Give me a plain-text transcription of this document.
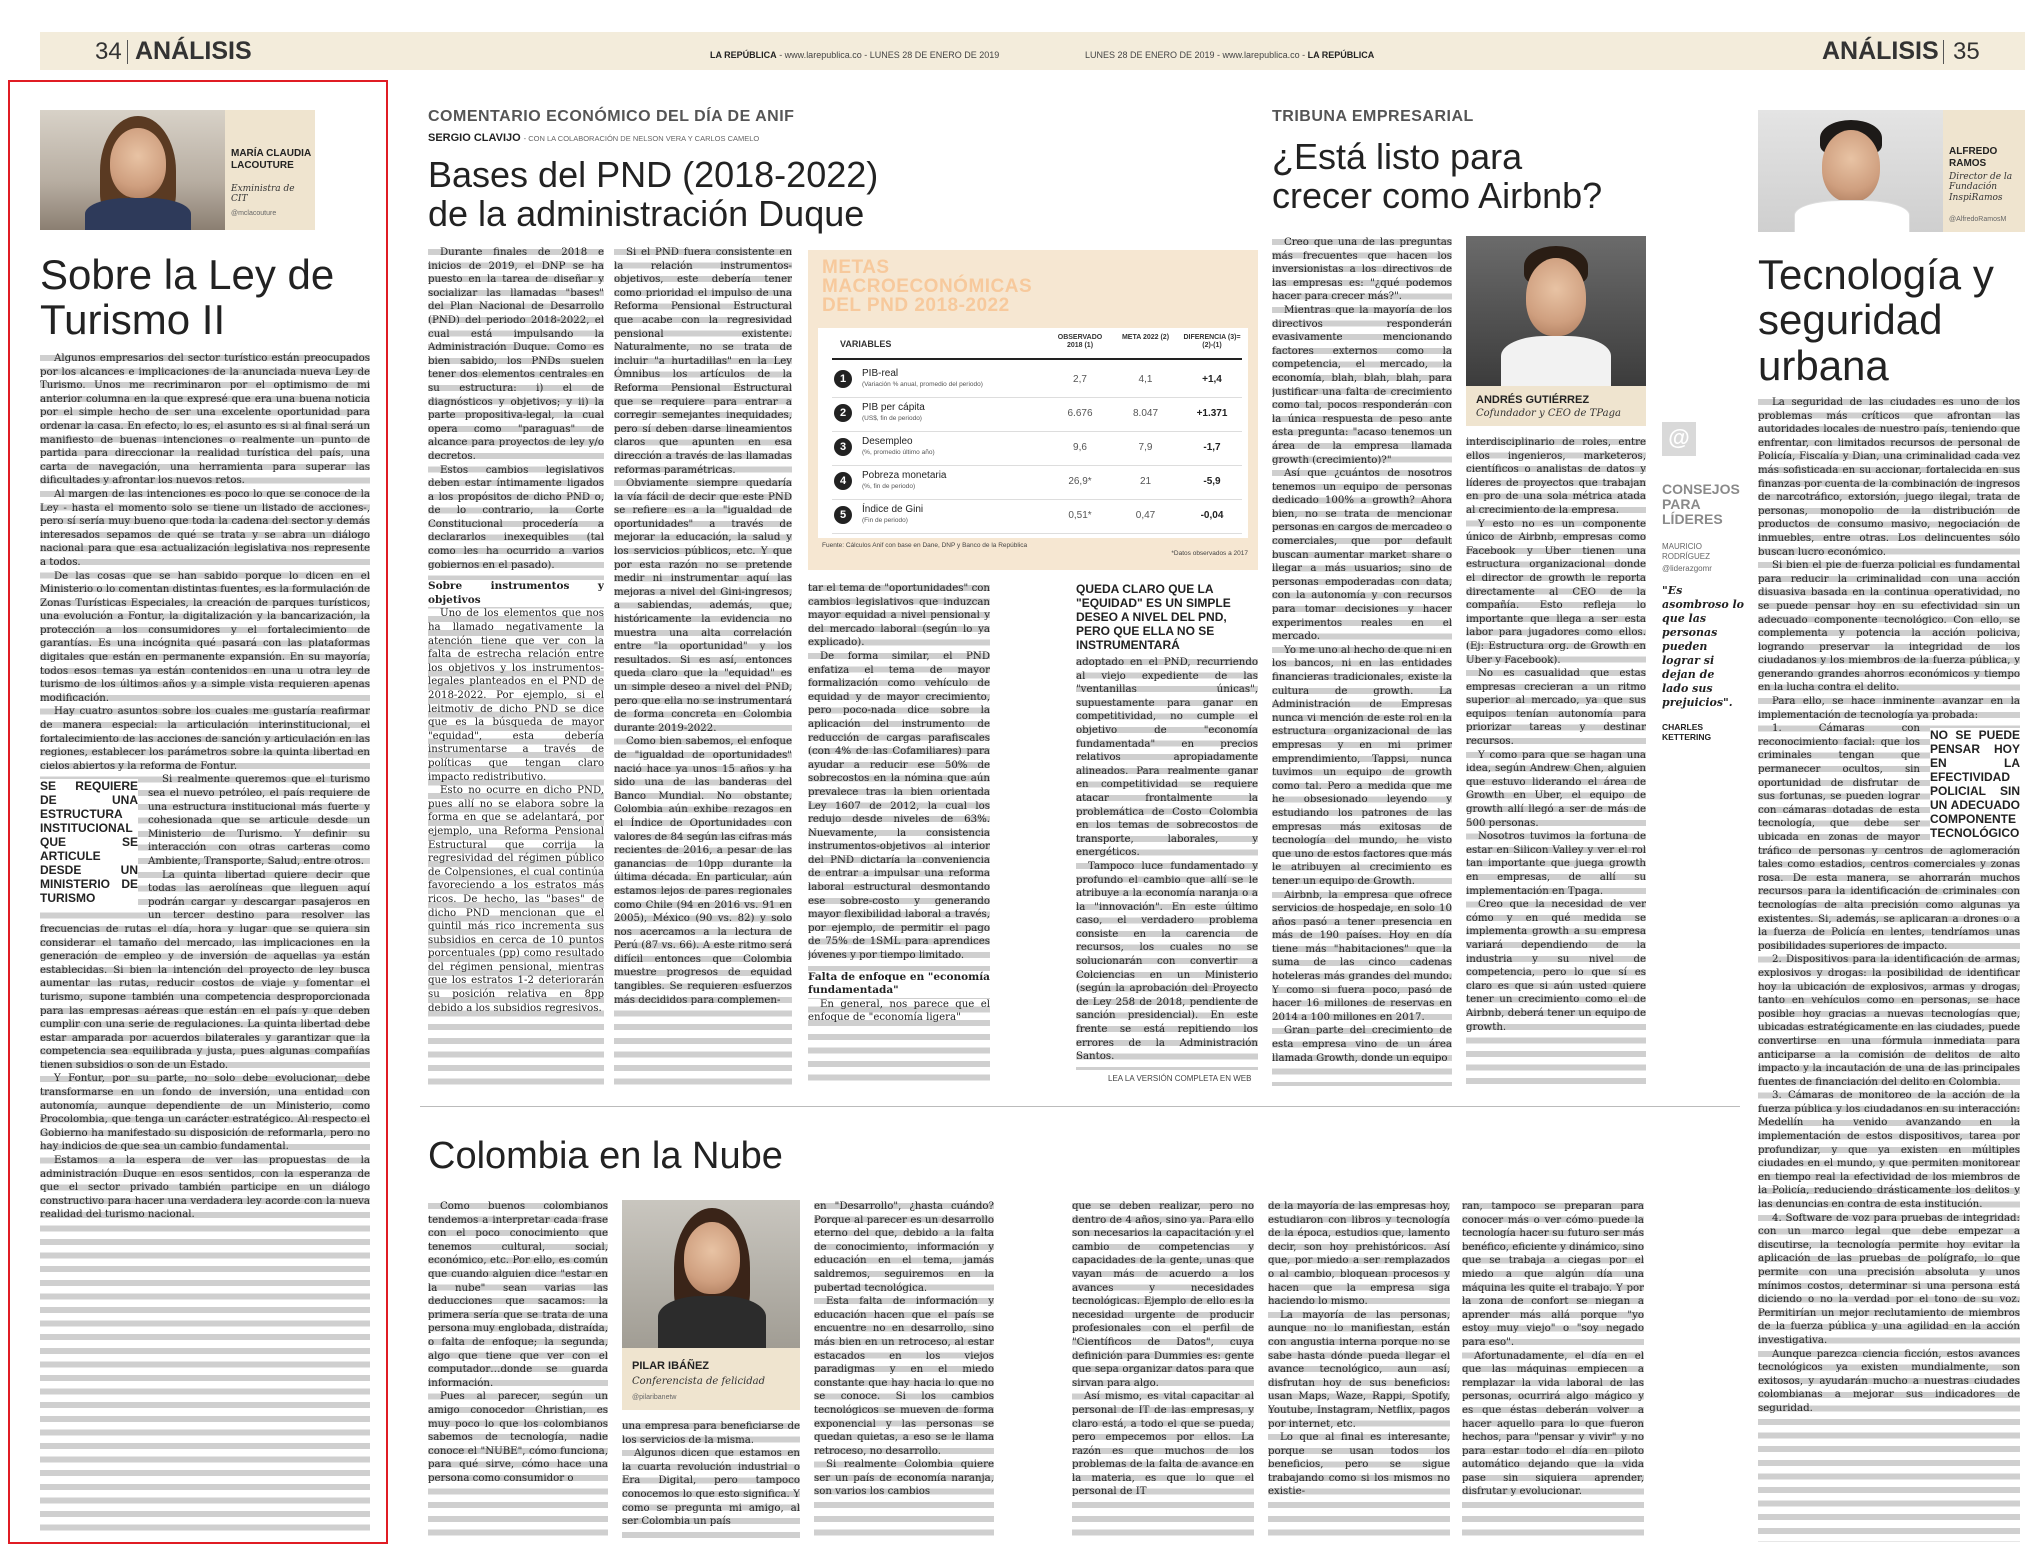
34 ANÁLISIS	LA REPÚBLICA - www.larepublica.co - LUNES 28 DE ENERO DE 2019	LUNES 28 DE ENERO DE 2019 - www.larepublica.co - LA REPÚBLICA	ANÁLISIS 35
MARÍA CLAUDIA LACOUTURE
Exministra de CIT
@mclacouture
Sobre la Ley de Turismo II

Algunos empresarios del sector turístico están preocupados por los alcances e implicaciones de la anunciada nueva Ley de Turismo. Unos me recriminaron por el optimismo de mi anterior columna en la que expresé que era una buena noticia por el simple hecho de ser una excelente oportunidad para ordenar la casa. En efecto, lo es, el asunto es si al final será un manifiesto de buenas intenciones o realmente un punto de partida para direccionar la realidad turística del país, una carta de navegación, una herramienta para superar las dificultades y afrontar los nuevos retos.

Al margen de las intenciones es poco lo que se conoce de la Ley - hasta el momento solo se tiene un listado de acciones-, pero sí sería muy bueno que toda la cadena del sector y demás interesados sepamos de qué se trata y se abra un diálogo nacional para que esa actualización legislativa nos represente a todos.

De las cosas que se han sabido porque lo dicen en el Ministerio o lo comentan distintas fuentes, es la formulación de Zonas Turísticas Especiales, la creación de parques turísticos, una evolución a Fontur, la digitalización y la bancarización, la protección a los consumidores y el fortalecimiento de garantías. Es una incógnita qué pasará con las plataformas digitales que están en permanente expansión. En su mayoría, todos esos temas ya están contenidos en una u otra ley de turismo de los últimos años y a simple vista requieren apenas modificación.

Hay cuatro asuntos sobre los cuales me gustaría reafirmar de manera especial: la articulación interinstitucional, el fortalecimiento de las acciones de sanción y articulación en las regiones, establecer los parámetros sobre la quinta libertad en cielos abiertos y la reforma de Fontur.

SE REQUIERE DE UNA ESTRUCTURA INSTITUCIONAL QUE SE ARTICULE DESDE UN MINISTERIO DE TURISMO

Si realmente queremos que el turismo sea el nuevo petróleo, el país requiere de una estructura institucional más fuerte y cohesionada que se articule desde un Ministerio de Turismo. Y definir su interacción con otras carteras como Ambiente, Transporte, Salud, entre otros.

La quinta libertad quiere decir que todas las aerolíneas que lleguen aquí podrán cargar y descargar pasajeros en un tercer destino para resolver las frecuencias de rutas el día, hora y lugar que se quiera sin considerar el tamaño del mercado, las implicaciones en la generación de empleo y de inversión de aquellas ya están establecidas. Si bien la intención del proyecto de ley busca aumentar las rutas, reducir costos de viaje y fomentar el turismo, supone también una competencia desproporcionada para las empresas aéreas que están en el país y que deben cumplir con una serie de regulaciones. La quinta libertad debe estar amparada por acuerdos bilaterales y garantizar que la competencia sea equilibrada y justa, pues algunas compañías tienen subsidios o son de un Estado.

Y Fontur, por su parte, no solo debe evolucionar, debe transformarse en un fondo de inversión, una entidad con autonomía, aunque dependiente de un Ministerio, como Procolombia, que tenga un carácter estratégico. Al respecto el Gobierno ha manifestado su disposición de reformarla, pero no hay indicios de que sea un cambio fundamental.

Estamos a la espera de ver las propuestas de la administración Duque en esos sentidos, con la esperanza de que el sector privado también participe en un diálogo constructivo para hacer una verdadera ley acorde con la nueva realidad del turismo nacional.

COMENTARIO ECONÓMICO DEL DÍA DE ANIF
SERGIO CLAVIJO - CON LA COLABORACIÓN DE NELSON VERA Y CARLOS CAMELO
Bases del PND (2018-2022) de la administración Duque

Durante finales de 2018 e inicios de 2019, el DNP se ha puesto en la tarea de diseñar y socializar las llamadas "bases" del Plan Nacional de Desarrollo (PND) del periodo 2018-2022, el cual está impulsando la Administración Duque. Como es bien sabido, los PNDs suelen tener dos elementos centrales en su estructura: i) el de diagnósticos y objetivos; y ii) la parte propositiva-legal, la cual opera como "paraguas" de alcance para proyectos de ley y/o decretos.

Estos cambios legislativos deben estar íntimamente ligados a los propósitos de dicho PND o, de lo contrario, la Corte Constitucional procedería a declararlos inexequibles (tal como les ha ocurrido a varios gobiernos en el pasado).

Sobre instrumentos y objetivos

Uno de los elementos que nos ha llamado negativamente la atención tiene que ver con la falta de estrecha relación entre los objetivos y los instrumentos-legales planteados en el PND de 2018-2022. Por ejemplo, si el leitmotiv de dicho PND se dice que es la búsqueda de mayor "equidad", esta debería instrumentarse a través de políticas que tengan claro impacto redistributivo.

Esto no ocurre en dicho PND, pues allí no se elabora sobre la forma en que se adelantará, por ejemplo, una Reforma Pensional Estructural que corrija la regresividad del régimen público de Colpensiones, el cual continúa favoreciendo a los estratos más ricos. De hecho, las "bases" de dicho PND mencionan que el quintil más rico incrementa sus subsidios en cerca de 10 puntos porcentuales (pp) como resultado del régimen pensional, mientras que los estratos 1-2 deteriorarán su posición relativa en 8pp debido a los subsidios regresivos.

Si el PND fuera consistente en la relación instrumentos-objetivos, este debería tener como prioridad el impulso de una Reforma Pensional Estructural que acabe con la regresividad pensional existente. Naturalmente, no se trata de incluir "a hurtadillas" en la Ley Ómnibus los artículos de la Reforma Pensional Estructural que se requiere para entrar a corregir semejantes inequidades, pero sí deben darse lineamientos claros que apunten en esa dirección a través de las llamadas reformas paramétricas.

Obviamente siempre quedaría la vía fácil de decir que este PND se refiere es a la "igualdad de oportunidades" a través de mejorar la educación, la salud y los servicios públicos, etc. Y que por esta razón no se pretende medir ni instrumentar aquí las mejoras a nivel del Gini-ingresos, a sabiendas, además, que, históricamente la evidencia no muestra una alta correlación entre "la oportunidad" y los resultados. Si es así, entonces queda claro que la "equidad" es un simple deseo a nivel del PND, pero que ella no se instrumentará de forma concreta en Colombia durante 2019-2022.

Como bien sabemos, el enfoque de "igualdad de oportunidades" nació hace ya unos 15 años y ha sido una de las banderas del Banco Mundial. No obstante, Colombia aún exhibe rezagos en el Índice de Oportunidades con valores de 84 según las cifras más recientes de 2016, a pesar de las ganancias de 10pp durante la última década. En particular, aún estamos lejos de pares regionales como Chile (94 en 2016 vs. 91 en 2005), México (90 vs. 82) y solo nos acercamos a la lectura de Perú (87 vs. 66). A este ritmo será difícil entonces que Colombia muestre progresos de equidad tangibles. Se requieren esfuerzos más decididos para complemen-

METAS MACROECONÓMICAS DEL PND 2018-2022
VARIABLES
OBSERVADO 2018 (1)
META 2022 (2)	DIFERENCIA (3)=(2)-(1)
1	PIB-real
(Variación % anual, promedio del periodo)	2,7	4,1	+1,4
2	PIB per cápita
(US$, fin de periodo)	6.676	8.047	+1.371
3	Desempleo
(%, promedio último año)	9,6	7,9	-1,7
4	Pobreza monetaria
(%, fin de periodo)	26,9*	21	-5,9
5	Índice de Gini
(Fin de periodo)	0,51*	0,47	-0,04
Fuente: Cálculos Anif con base en Dane, DNP y Banco de la República
*Datos observados a 2017

tar el tema de "oportunidades" con cambios legislativos que induzcan mayor equidad a nivel pensional y del mercado laboral (según lo ya explicado).

De forma similar, el PND enfatiza el tema de mayor formalización como vehículo de equidad y de mayor crecimiento, pero poco-nada dice sobre la aplicación del instrumento de reducción de cargas parafiscales (con 4% de las Cofamiliares) para ayudar a reducir ese 50% de sobrecostos en la nómina que aún prevalece tras la bien orientada Ley 1607 de 2012, la cual los redujo desde niveles de 63%. Nuevamente, la consistencia instrumentos-objetivos al interior del PND dictaría la conveniencia de entrar a impulsar una reforma laboral estructural desmontando ese sobre-costo y generando mayor flexibilidad laboral a través, por ejemplo, de permitir el pago de 75% de 1SML para aprendices jóvenes y por tiempo limitado.

Falta de enfoque en "economía fundamentada"

En general, nos parece que el enfoque de "economía ligera"

QUEDA CLARO QUE LA "EQUIDAD" ES UN SIMPLE DESEO A NIVEL DEL PND, PERO QUE ELLA NO SE INSTRUMENTARÁ

adoptado en el PND, recurriendo al viejo expediente de las "ventanillas únicas", supuestamente para ganar en competitividad, no cumple el objetivo de "economía fundamentada" en precios relativos apropiadamente alineados. Para realmente ganar en competitividad se requiere atacar frontalmente la problemática de Costo Colombia en los temas de sobrecostos de transporte, laborales, y energéticos.

Tampoco luce fundamentado y profundo el cambio que allí se le atribuye a la economía naranja o a la "innovación". En este último caso, el verdadero problema consiste en la carencia de recursos, los cuales no se solucionarán con convertir a Colciencias en un Ministerio (según la aprobación del Proyecto de Ley 258 de 2018, pendiente de sanción presidencial). En este frente se está repitiendo los errores de la Administración Santos.

LEA LA VERSIÓN COMPLETA EN WEB
TRIBUNA EMPRESARIAL
¿Está listo para crecer como Airbnb?

Creo que una de las preguntas más frecuentes que hacen los inversionistas a los directivos de las empresas es: "¿qué podemos hacer para crecer más?".

Mientras que la mayoría de los directivos responderán evasivamente mencionando factores externos como la competencia, el mercado, la economía, blah, blah, blah, para justificar una falta de crecimiento como tal, pocos responderán con la única respuesta de peso ante esta pregunta: "acaso tenemos un área de la empresa llamada growth (crecimiento)?"

Así que ¿cuántos de nosotros tenemos un equipo de personas dedicado 100% a growth? Ahora bien, no se trata de mencionar personas en cargos de mercadeo o comerciales, que por default buscan aumentar market share o llegar a más usuarios; sino de personas empoderadas con data, con la autonomía y con recursos para tomar decisiones y hacer experimentos reales en el mercado.

Yo me uno al hecho de que ni en los bancos, ni en las entidades financieras tradicionales, existe la cultura de growth. La Administración de Empresas nunca vi mención de este rol en la estructura organizacional de las empresas y en mi primer emprendimiento, Tappsi, nunca tuvimos un equipo de growth como tal. Pero a medida que me he obsesionado leyendo y estudiando los patrones de las empresas más exitosas de tecnología del mundo, he visto que uno de estos factores que más le atribuyen al crecimiento es tener un equipo de Growth.

Airbnb, la empresa que ofrece servicios de hospedaje, en solo 10 años pasó a tener presencia en más de 190 países. Hoy en día tiene más "habitaciones" que la suma de las cinco cadenas hoteleras más grandes del mundo. Y como si fuera poco, pasó de hacer 16 millones de reservas en 2014 a 100 millones en 2017.

Gran parte del crecimiento de esta empresa vino de un área llamada Growth, donde un equipo

ANDRÉS GUTIÉRREZ
Cofundador y CEO de TPaga

interdisciplinario de roles, entre ellos ingenieros, marketeros, científicos o analistas de datos y líderes de proyectos que trabajan en pro de una sola métrica atada al crecimiento de la empresa.

Y esto no es un componente único de Airbnb, empresas como Facebook y Uber tienen una estructura organizacional donde el director de growth le reporta directamente al CEO de la compañía. Esto refleja lo importante que llega a ser esta labor para jugadores como ellos. (Ej: Estructura org. de Growth en Uber y Facebook).

No es casualidad que estas empresas crecieran a un ritmo superior al mercado, ya que sus equipos tenían autonomía para priorizar tareas y destinar recursos.

Y como para que se hagan una idea, según Andrew Chen, alguien que estuvo liderando el área de Growth en Uber, el equipo de growth allí llegó a ser de más de 500 personas.

Nosotros tuvimos la fortuna de estar en Silicon Valley y ver el rol tan importante que juega growth en empresas, de allí su implementación en Tpaga.

Creo que la necesidad de ver cómo y en qué medida se implementa growth a su empresa variará dependiendo de la industria y su nivel de competencia, pero lo que sí es claro es que si aún usted quiere tener un crecimiento como el de Airbnb, deberá tener un equipo de growth.

@
CONSEJOS PARA LÍDERES
MAURICIO RODRÍGUEZ
@liderazgomr
"Es asombroso lo que las personas pueden lograr si dejan de lado sus prejuicios".
CHARLES KETTERING
ALFREDO RAMOS
Director de la Fundación InspiRamos
@AlfredoRamosM
Tecnología y seguridad urbana

La seguridad de las ciudades es uno de los problemas más críticos que afrontan las autoridades locales de nuestro país, teniendo que enfrentar, con limitados recursos de personal de Policía, Fiscalía y Dian, una criminalidad cada vez más sofisticada en su accionar, fortalecida en sus finanzas por cuenta de la combinación de ingresos de narcotráfico, extorsión, juego ilegal, trata de personas, monopolio de la distribución de productos de consumo masivo, negociación de inmuebles, entre otras. Los delincuentes sólo buscan lucro económico.

Si bien el pie de fuerza policial es fundamental para reducir la criminalidad con una acción disuasiva basada en la continua operatividad, no se puede pensar hoy en su efectividad sin un adecuado componente tecnológico. Con ello, se complementa y potencia la acción policiva, logrando preservar la integridad de los ciudadanos y los miembros de la fuerza pública, y generando grandes ahorros económicos y tiempo en la lucha contra el delito.

Para ello, se hace inminente avanzar en la implementación de tecnología ya probada:

NO SE PUEDE PENSAR HOY EN LA EFECTIVIDAD POLICIAL SIN UN ADECUADO COMPONENTE TECNOLÓGICO

1. Cámaras con reconocimiento facial: que los criminales tengan que permanecer ocultos, sin oportunidad de disfrutar de sus fortunas, se pueden lograr con cámaras dotadas de esta tecnología, que debe ser ubicada en zonas de mayor tráfico de personas y centros de aglomeración tales como estadios, centros comerciales y zonas rosa. De esta manera, se ahorrarán muchos recursos para la identificación de criminales con tecnologías de alta precisión como algunas ya existentes. Si, además, se aplicaran a drones o a la fuerza de Policía en lentes, tendríamos unas posibilidades superiores de impacto.

2. Dispositivos para la identificación de armas, explosivos y drogas: la posibilidad de identificar hoy la ubicación de explosivos, armas y drogas, tanto en vehículos como en personas, se hace posible hoy gracias a nuevas tecnologías que, ubicadas estratégicamente en las ciudades, puede convertirse en una fórmula inmediata para anticiparse a la comisión de delitos de alto impacto y la incautación de una de las principales fuentes de financiación del delito en Colombia.

3. Cámaras de monitoreo de la acción de la fuerza pública y los ciudadanos en su interacción: Medellín ha venido avanzando en la implementación de estos dispositivos, tarea por profundizar, y que ya existen en múltiples ciudades en el mundo, y que permiten monitorear en tiempo real la efectividad de los miembros de la Policía, reduciendo drásticamente los delitos y las denuncias en contra de esta institución.

4. Software de voz para pruebas de integridad: con un marco legal que debe empezar a discutirse, la tecnología permite hoy evitar la aplicación de las pruebas de polígrafo, lo que permite con una precisión absoluta y unos mínimos costos, determinar si una persona está diciendo o no la verdad por el tono de su voz. Permitirían un mejor reclutamiento de miembros de la fuerza pública y una agilidad en la acción investigativa.

Aunque parezca ciencia ficción, estos avances tecnológicos ya existen mundialmente, son exitosos, y ayudarán mucho a nuestras ciudades colombianas a mejorar sus indicadores de seguridad.

Colombia en la Nube

Como buenos colombianos tendemos a interpretar cada frase con el poco conocimiento que tenemos cultural, social, económico, etc. Por ello, es común que cuando alguien dice "estar en la nube" sean varias las deducciones que sacamos: la primera sería que se trata de una persona muy englobada, distraída, o falta de enfoque; la segunda, algo que tiene que ver con el computador…donde se guarda información.

Pues al parecer, según un amigo conocedor Christian, es muy poco lo que los colombianos sabemos de tecnología, nadie conoce el "NUBE", cómo funciona, para qué sirve, cómo hace una persona como consumidor o

PILAR IBÁÑEZ
Conferencista de felicidad
@pilaribanetw

una empresa para beneficiarse de los servicios de la misma.

Algunos dicen que estamos en la cuarta revolución industrial o Era Digital, pero tampoco conocemos lo que esto significa. Y como se pregunta mi amigo, al ser Colombia un país

en "Desarrollo", ¿hasta cuándo? Porque al parecer es un desarrollo eterno del que, debido a la falta de conocimiento, información y educación en el tema, jamás saldremos, seguiremos en la pubertad tecnológica.

Esta falta de información y educación hacen que el país se encuentre no en desarrollo, sino más bien en un retroceso, al estar estacados en los viejos paradigmas y en el miedo constante que hay hacia lo que no se conoce. Si los cambios tecnológicos se mueven de forma exponencial y las personas se quedan quietas, a eso se le llama retroceso, no desarrollo.

Si realmente Colombia quiere ser un país de economía naranja, son varios los cambios

que se deben realizar, pero no dentro de 4 años, sino ya. Para ello son necesarios la capacitación y el cambio de competencias y capacidades de la gente, unas que vayan más de acuerdo a los avances y necesidades tecnológicas. Ejemplo de ello es la necesidad urgente de producir profesionales con el perfil de "Científicos de Datos", cuya definición para Dummies es: gente que sepa organizar datos para que sirvan para algo.

Así mismo, es vital capacitar al personal de IT de las empresas, y claro está, a todo el que se pueda, pero empecemos por ellos. La razón es que muchos de los problemas de la falta de avance en la materia, es que lo que el personal de IT

de la mayoría de las empresas hoy, estudiaron con libros y tecnología de la época, estudios que, lamento decir, son hoy prehistóricos. Así que, por miedo a ser remplazados o al cambio, bloquean procesos y hacen que la empresa siga haciendo lo mismo.

La mayoría de las personas, aunque no lo manifiestan, están con angustia interna porque no se sabe hasta dónde pueda llegar el avance tecnológico, aun así, disfrutan hoy de sus beneficios: usan Maps, Waze, Rappi, Spotify, Youtube, Instagram, Netflix, pagos por internet, etc.

Lo que al final es interesante, porque se usan todos los beneficios, pero se sigue trabajando como si los mismos no existie-

ran, tampoco se preparan para conocer más o ver cómo puede la tecnología hacer su futuro ser más benéfico, eficiente y dinámico, sino que se trabaja a ciegas por el miedo a que algún día una máquina les quite el trabajo. Y por la zona de confort se niegan a aprender más allá porque "yo estoy muy viejo" o "soy negado para eso".

Afortunadamente, el día en el que las máquinas empiecen a remplazar la vida laboral de las personas, ocurrirá algo mágico y es que éstas deberán volver a hacer aquello para lo que fueron hechos, para "pensar y vivir" y no para estar todo el día en piloto automático dejando que la vida pase sin siquiera aprender, disfrutar y evolucionar.
